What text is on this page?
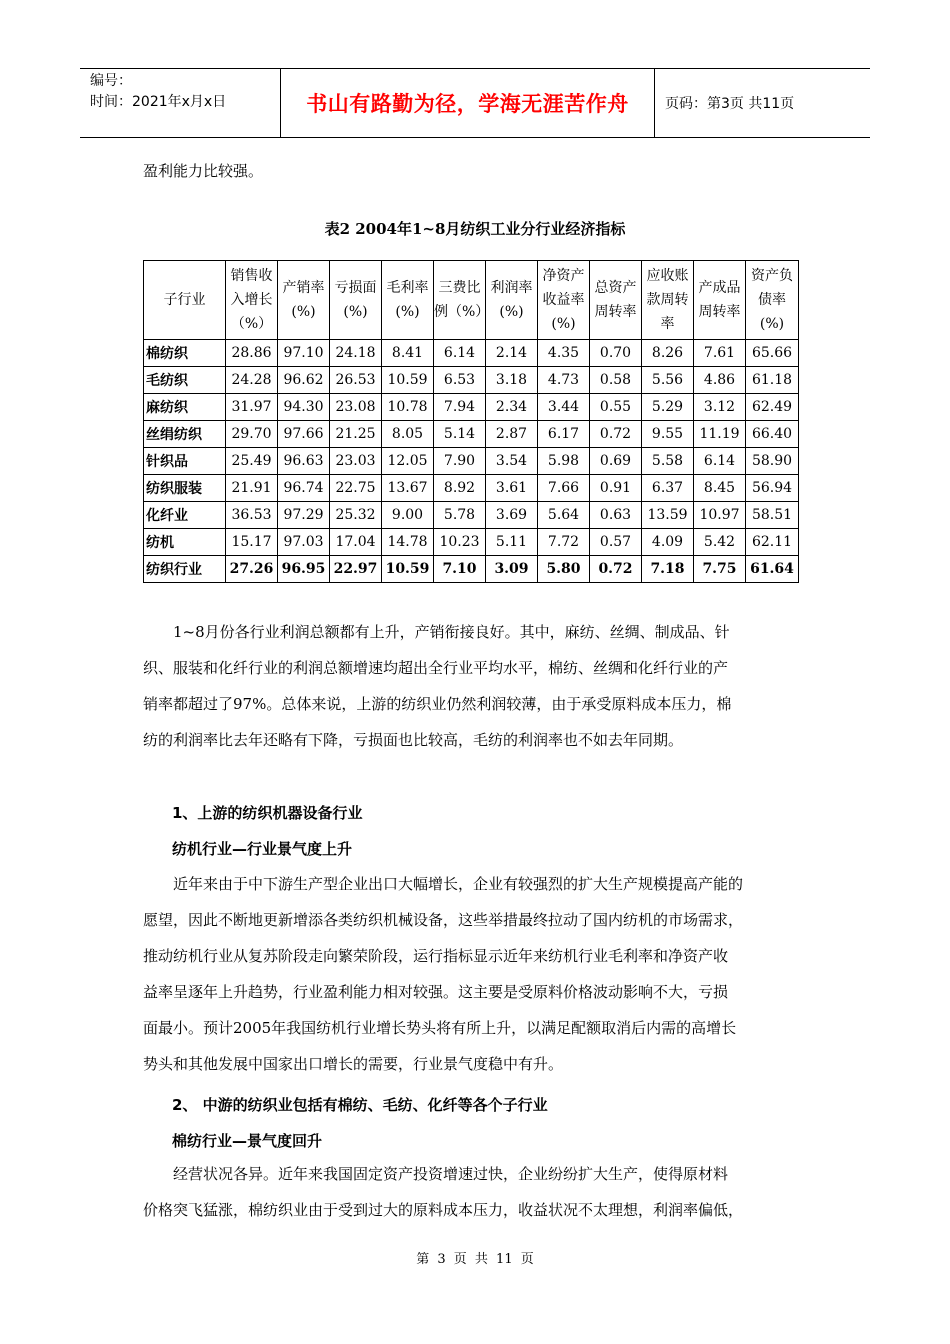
编号：
时间：2021年x月x日	书山有路勤为径，学海无涯苦作舟	页码：第3页 共11页
盈利能力比较强。
表2 2004年1~8月纺织工业分行业经济指标
子行业	销售收入增长（%）	产销率(%)	亏损面(%)	毛利率(%)	三费比例（%）	利润率(%)	净资产收益率(%)	总资产周转率	应收账款周转率	产成品周转率	资产负债率(%)
棉纺织	28.86	97.10	24.18	8.41	6.14	2.14	4.35	0.70	8.26	7.61	65.66
毛纺织	24.28	96.62	26.53	10.59	6.53	3.18	4.73	0.58	5.56	4.86	61.18
麻纺织	31.97	94.30	23.08	10.78	7.94	2.34	3.44	0.55	5.29	3.12	62.49
丝绢纺织	29.70	97.66	21.25	8.05	5.14	2.87	6.17	0.72	9.55	11.19	66.40
针织品	25.49	96.63	23.03	12.05	7.90	3.54	5.98	0.69	5.58	6.14	58.90
纺织服装	21.91	96.74	22.75	13.67	8.92	3.61	7.66	0.91	6.37	8.45	56.94
化纤业	36.53	97.29	25.32	9.00	5.78	3.69	5.64	0.63	13.59	10.97	58.51
纺机	15.17	97.03	17.04	14.78	10.23	5.11	7.72	0.57	4.09	5.42	62.11
纺织行业	27.26	96.95	22.97	10.59	7.10	3.09	5.80	0.72	7.18	7.75	61.64
　　1~8月份各行业利润总额都有上升，产销衔接良好。其中，麻纺、丝绸、制成品、针
织、服装和化纤行业的利润总额增速均超出全行业平均水平，棉纺、丝绸和化纤行业的产
销率都超过了97%。总体来说，上游的纺织业仍然利润较薄，由于承受原料成本压力，棉
纺的利润率比去年还略有下降，亏损面也比较高，毛纺的利润率也不如去年同期。
1、上游的纺织机器设备行业
纺机行业—行业景气度上升
　　近年来由于中下游生产型企业出口大幅增长，企业有较强烈的扩大生产规模提高产能的
愿望，因此不断地更新增添各类纺织机械设备，这些举措最终拉动了国内纺机的市场需求，
推动纺机行业从复苏阶段走向繁荣阶段，运行指标显示近年来纺机行业毛利率和净资产收
益率呈逐年上升趋势，行业盈利能力相对较强。这主要是受原料价格波动影响不大，亏损
面最小。预计2005年我国纺机行业增长势头将有所上升，以满足配额取消后内需的高增长
势头和其他发展中国家出口增长的需要，行业景气度稳中有升。
2、 中游的纺织业包括有棉纺、毛纺、化纤等各个子行业
棉纺行业—景气度回升
　　经营状况各异。近年来我国固定资产投资增速过快，企业纷纷扩大生产，使得原材料
价格突飞猛涨，棉纺织业由于受到过大的原料成本压力，收益状况不太理想，利润率偏低，
第 3 页 共 11 页
